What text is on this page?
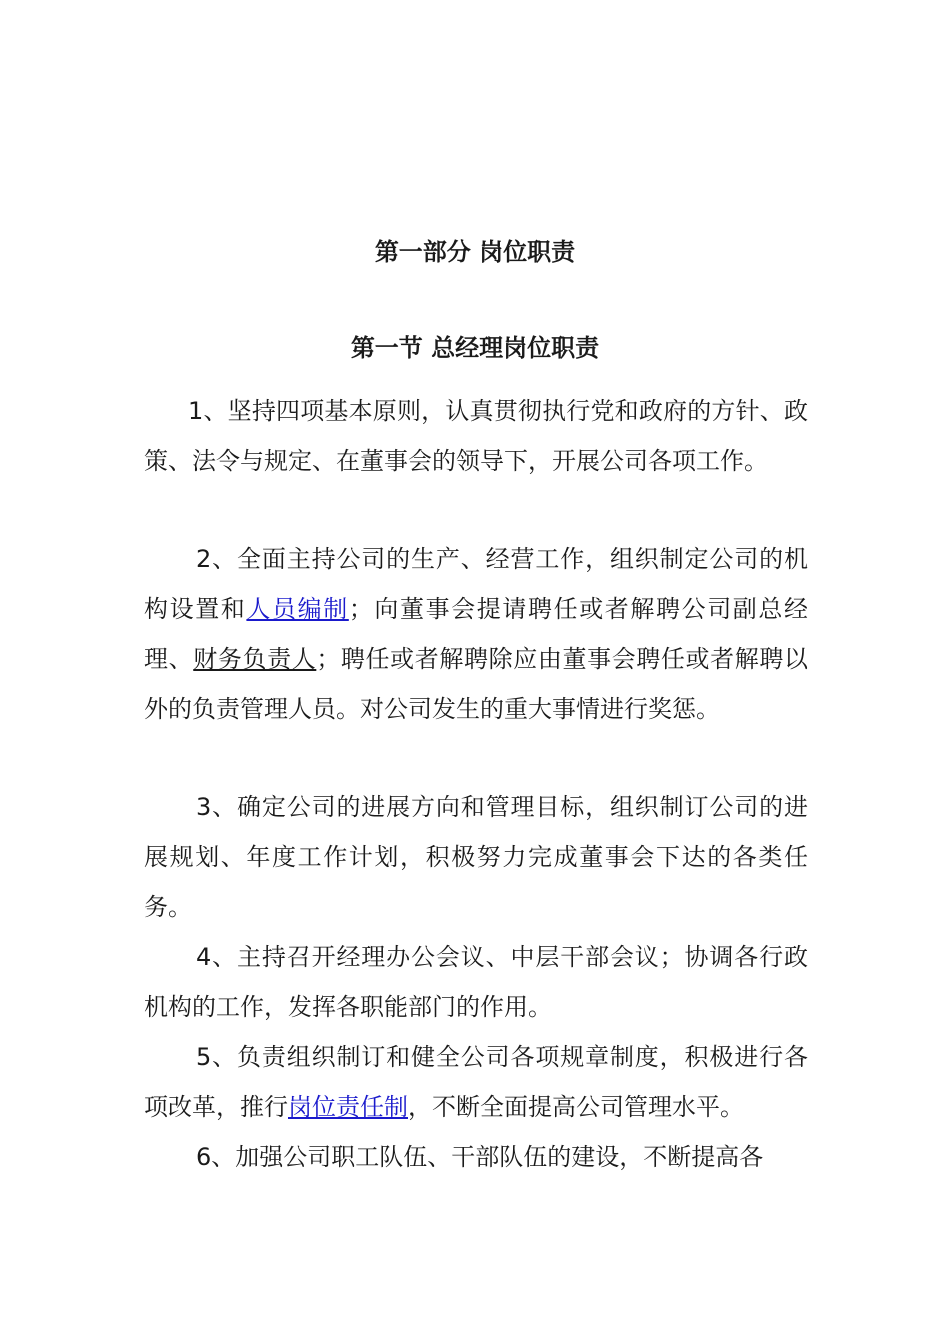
第一部分 岗位职责
第一节 总经理岗位职责

1、坚持四项基本原则，认真贯彻执行党和政府的方针、政策、法令与规定、在董事会的领导下，开展公司各项工作。

2、全面主持公司的生产、经营工作，组织制定公司的机构设置和人员编制；向董事会提请聘任或者解聘公司副总经理、财务负责人；聘任或者解聘除应由董事会聘任或者解聘以外的负责管理人员。对公司发生的重大事情进行奖惩。

3、确定公司的进展方向和管理目标，组织制订公司的进展规划、年度工作计划，积极努力完成董事会下达的各类任务。

4、主持召开经理办公会议、中层干部会议；协调各行政机构的工作，发挥各职能部门的作用。

5、负责组织制订和健全公司各项规章制度，积极进行各项改革，推行岗位责任制，不断全面提高公司管理水平。

6、加强公司职工队伍、干部队伍的建设，不断提高各
